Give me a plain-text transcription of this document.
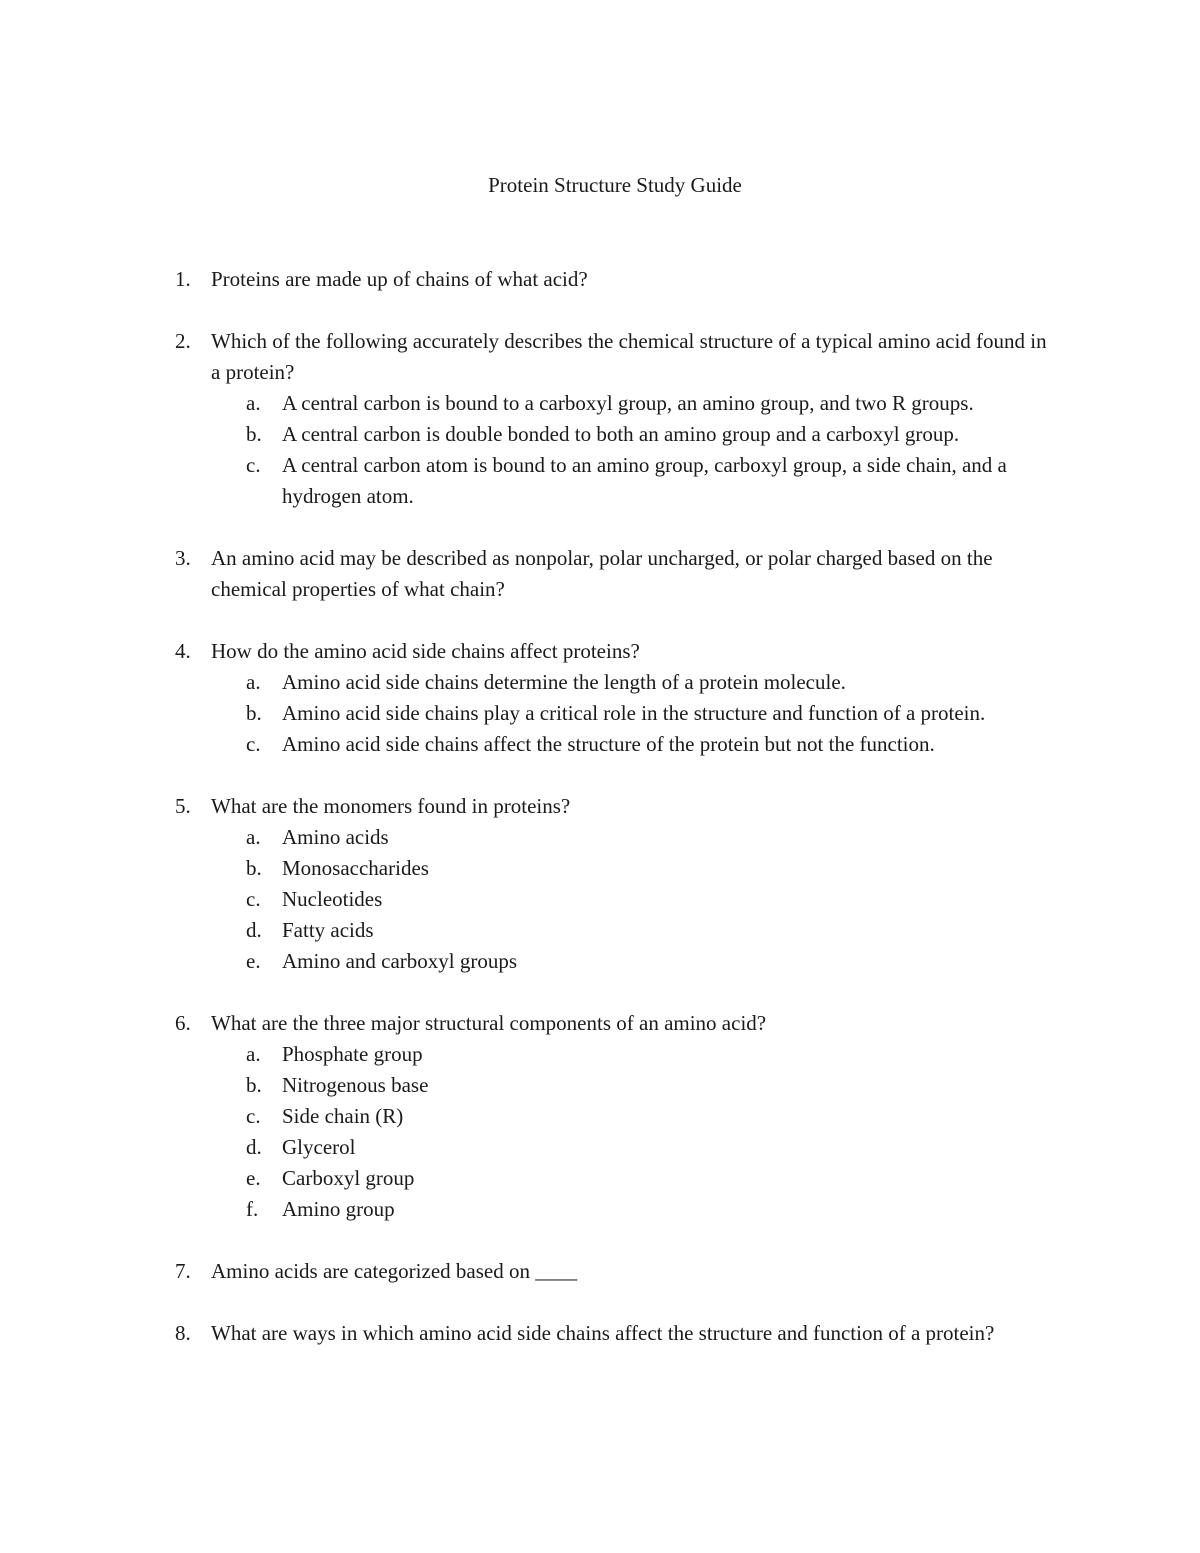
Protein Structure Study Guide
1. Proteins are made up of chains of what acid?
2. Which of the following accurately describes the chemical structure of a typical amino acid found in a protein?
a. A central carbon is bound to a carboxyl group, an amino group, and two R groups.
b. A central carbon is double bonded to both an amino group and a carboxyl group.
c. A central carbon atom is bound to an amino group, carboxyl group, a side chain, and a hydrogen atom.
3. An amino acid may be described as nonpolar, polar uncharged, or polar charged based on the chemical properties of what chain?
4. How do the amino acid side chains affect proteins?
a. Amino acid side chains determine the length of a protein molecule.
b. Amino acid side chains play a critical role in the structure and function of a protein.
c. Amino acid side chains affect the structure of the protein but not the function.
5. What are the monomers found in proteins?
a. Amino acids
b. Monosaccharides
c. Nucleotides
d. Fatty acids
e. Amino and carboxyl groups
6. What are the three major structural components of an amino acid?
a. Phosphate group
b. Nitrogenous base
c. Side chain (R)
d. Glycerol
e. Carboxyl group
f. Amino group
7. Amino acids are categorized based on ____
8. What are ways in which amino acid side chains affect the structure and function of a protein?
